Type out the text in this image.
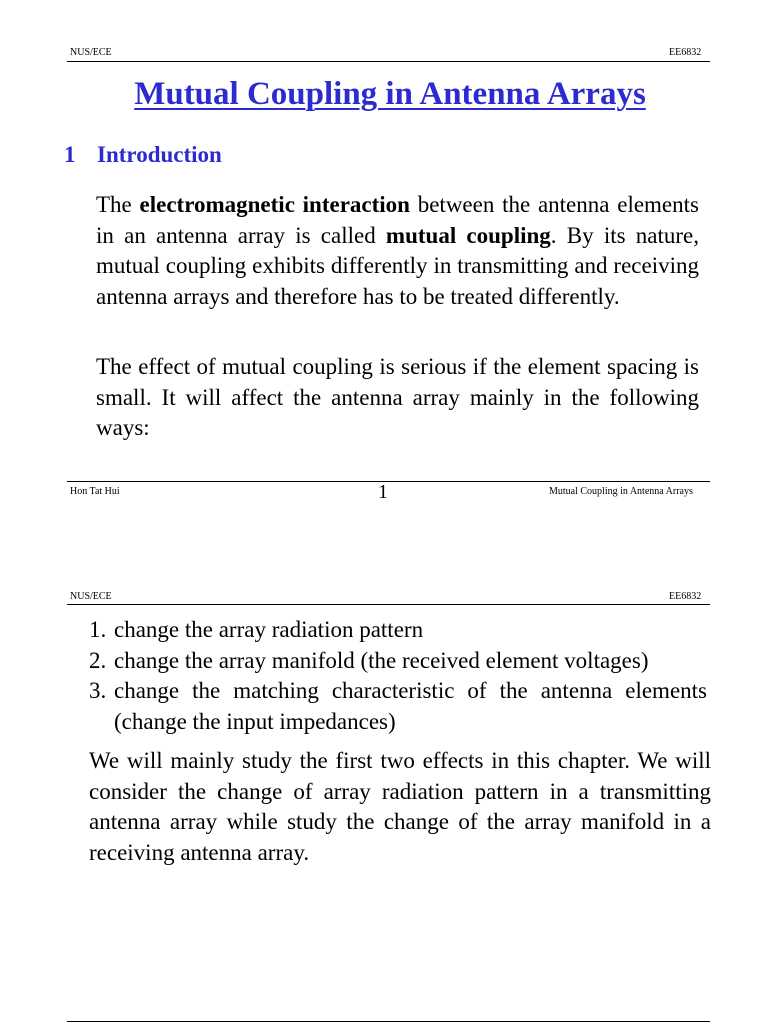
NUS/ECE	EE6832
Mutual Coupling in Antenna Arrays
1 Introduction
The electromagnetic interaction between the antenna elements in an antenna array is called mutual coupling. By its nature, mutual coupling exhibits differently in transmitting and receiving antenna arrays and therefore has to be treated differently.
The effect of mutual coupling is serious if the element spacing is small. It will affect the antenna array mainly in the following ways:
Hon Tat Hui	1	Mutual Coupling in Antenna Arrays
NUS/ECE	EE6832
1. change the array radiation pattern
2. change the array manifold (the received element voltages)
3. change the matching characteristic of the antenna elements (change the input impedances)
We will mainly study the first two effects in this chapter. We will consider the change of array radiation pattern in a transmitting antenna array while study the change of the array manifold in a receiving antenna array.
